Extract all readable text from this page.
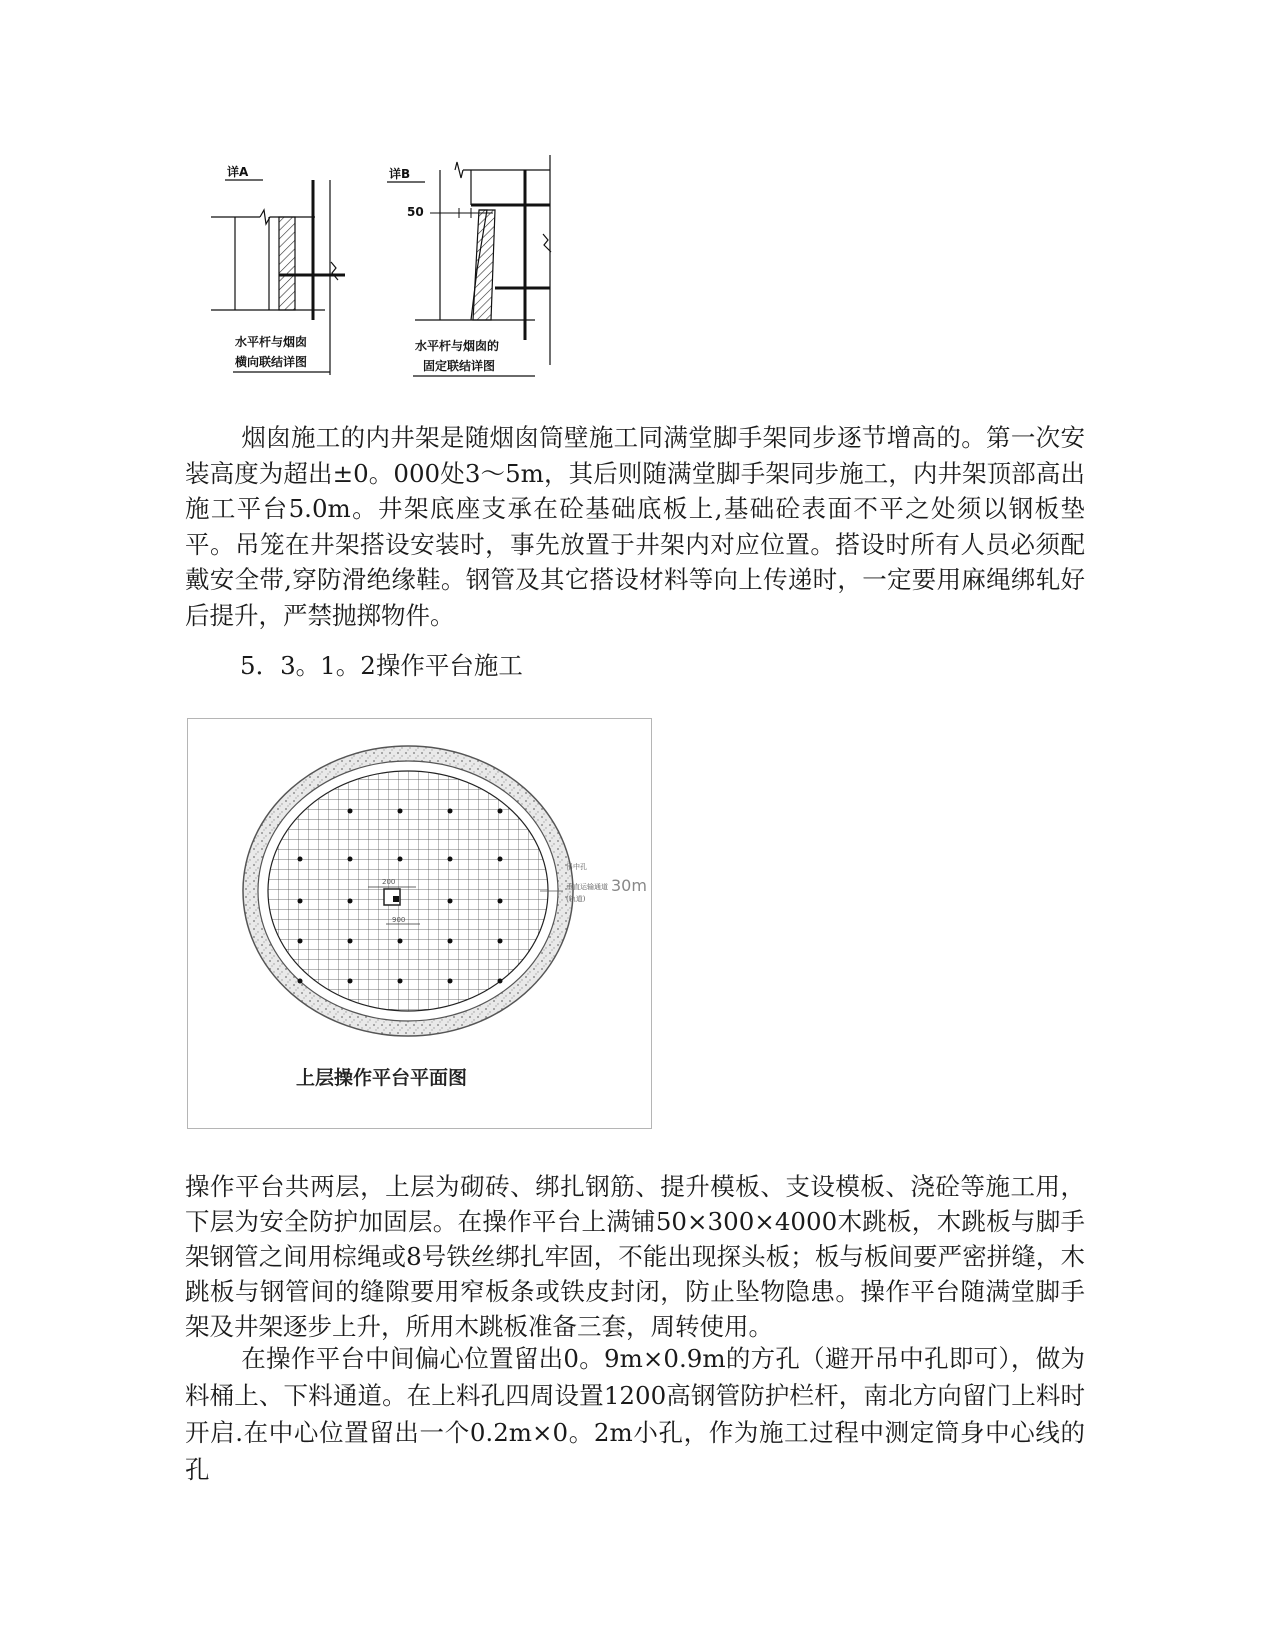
详A
水平杆与烟囱
横向联结详图
详B
50
水平杆与烟囱的
固定联结详图

烟囱施工的内井架是随烟囱筒壁施工同满堂脚手架同步逐节增高的。第一次安装高度为超出±0。000处3～5m，其后则随满堂脚手架同步施工，内井架顶部高出施工平台5.0m。井架底座支承在砼基础底板上,基础砼表面不平之处须以钢板垫平。吊笼在井架搭设安装时，事先放置于井架内对应位置。搭设时所有人员必须配戴安全带,穿防滑绝缘鞋。钢管及其它搭设材料等向上传递时，一定要用麻绳绑轧好后提升，严禁抛掷物件。

5．3。1。2操作平台施工

200
900
吊中孔
垂直运输通道
(轨道)
30m
上层操作平台平面图

操作平台共两层，上层为砌砖、绑扎钢筋、提升模板、支设模板、浇砼等施工用，下层为安全防护加固层。在操作平台上满铺50×300×4000木跳板，木跳板与脚手架钢管之间用棕绳或8号铁丝绑扎牢固，不能出现探头板；板与板间要严密拼缝，木跳板与钢管间的缝隙要用窄板条或铁皮封闭，防止坠物隐患。操作平台随满堂脚手架及井架逐步上升，所用木跳板准备三套，周转使用。

在操作平台中间偏心位置留出0。9m×0.9m的方孔（避开吊中孔即可），做为料桶上、下料通道。在上料孔四周设置1200高钢管防护栏杆，南北方向留门上料时开启.在中心位置留出一个0.2m×0。2m小孔，作为施工过程中测定筒身中心线的孔
